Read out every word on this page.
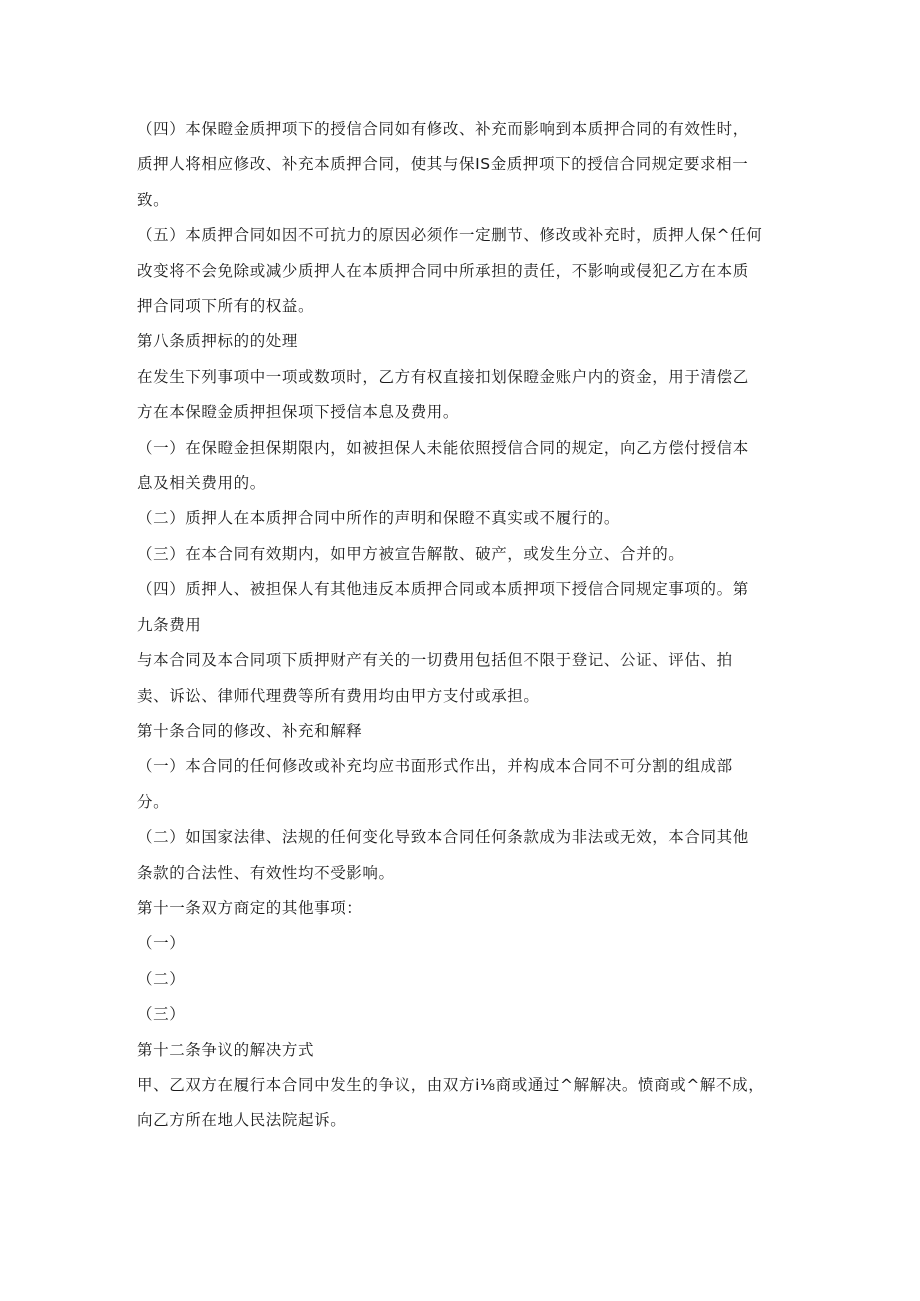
（四）本保瞪金质押项下的授信合同如有修改、补充而影响到本质押合同的有效性时，
质押人将相应修改、补充本质押合同，使其与保IS金质押项下的授信合同规定要求相一
致。
（五）本质押合同如因不可抗力的原因必须作一定删节、修改或补充时，质押人保^任何
改变将不会免除或减少质押人在本质押合同中所承担的责任，不影响或侵犯乙方在本质
押合同项下所有的权益。
第八条质押标的的处理
在发生下列事项中一项或数项时，乙方有权直接扣划保瞪金账户内的资金，用于清偿乙
方在本保瞪金质押担保项下授信本息及费用。
（一）在保瞪金担保期限内，如被担保人未能依照授信合同的规定，向乙方偿付授信本
息及相关费用的。
（二）质押人在本质押合同中所作的声明和保瞪不真实或不履行的。
（三）在本合同有效期内，如甲方被宣告解散、破产，或发生分立、合并的。
（四）质押人、被担保人有其他违反本质押合同或本质押项下授信合同规定事项的。第
九条费用
与本合同及本合同项下质押财产有关的一切费用包括但不限于登记、公证、评估、拍
卖、诉讼、律师代理费等所有费用均由甲方支付或承担。
第十条合同的修改、补充和解释
（一）本合同的任何修改或补充均应书面形式作出，并构成本合同不可分割的组成部
分。
（二）如国家法律、法规的任何变化导致本合同任何条款成为非法或无效，本合同其他
条款的合法性、有效性均不受影响。
第十一条双方商定的其他事项：
（一）
（二）
（三）
第十二条争议的解决方式
甲、乙双方在履行本合同中发生的争议，由双方i⅛商或通过^解解决。愤商或^解不成，
向乙方所在地人民法院起诉。
